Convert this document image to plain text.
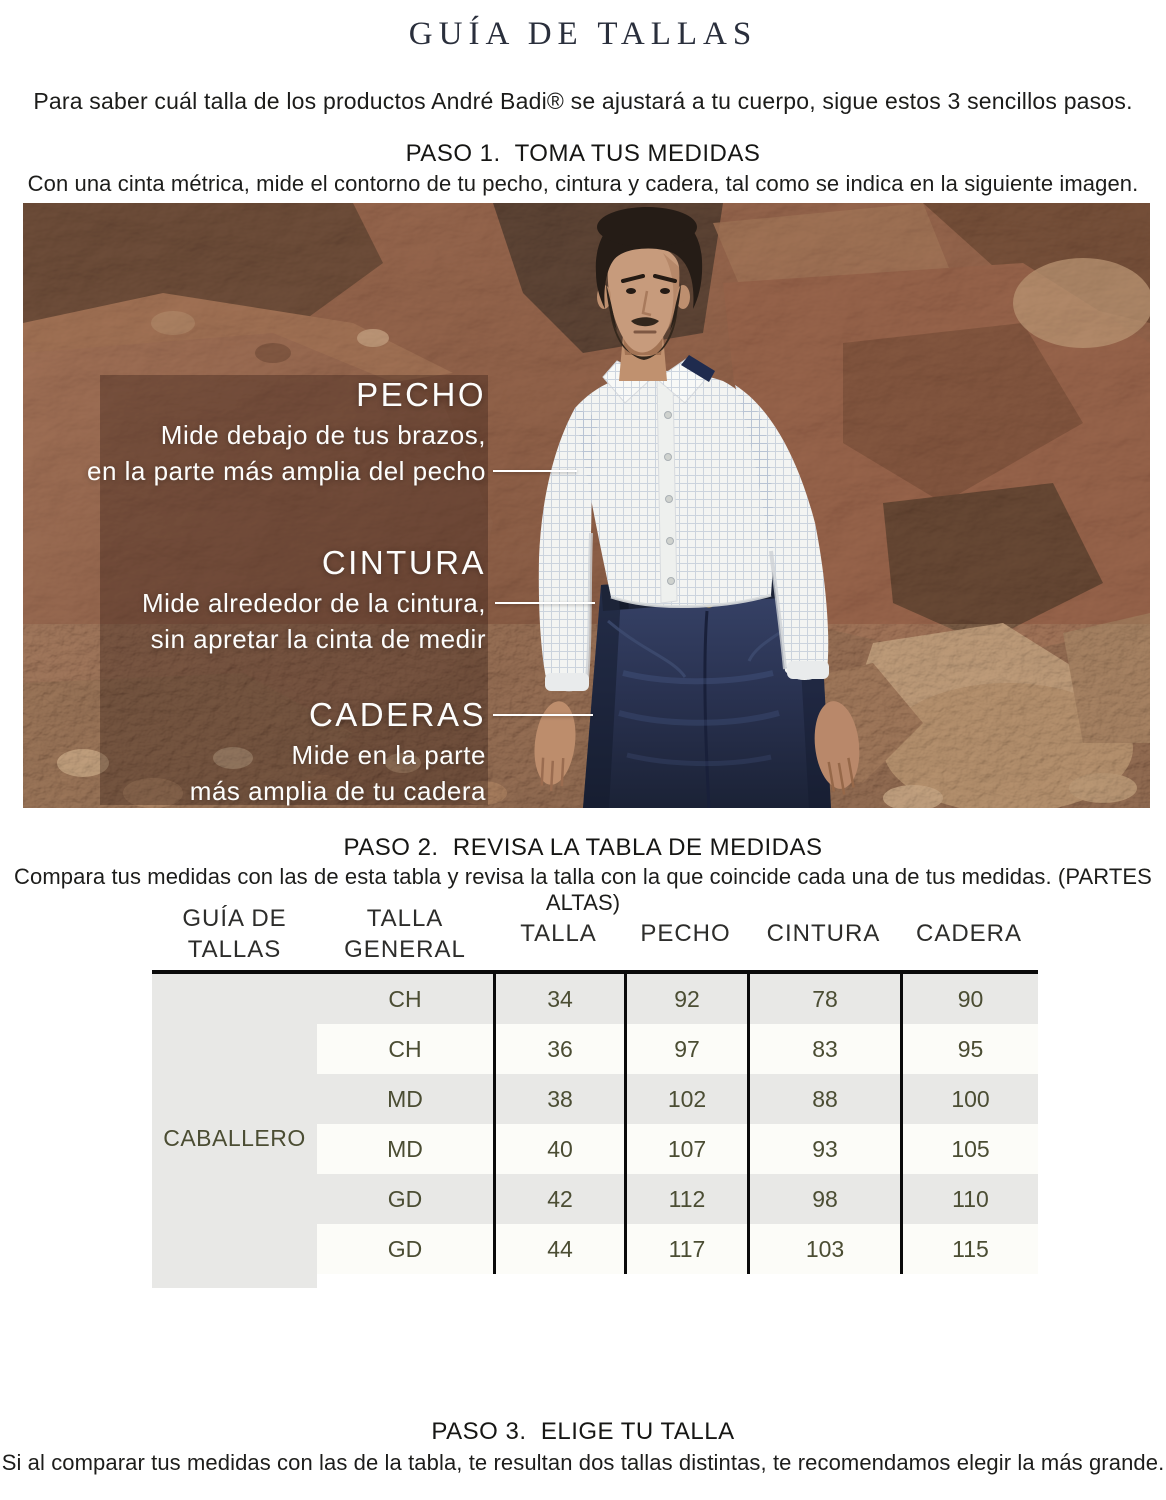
GUÍA DE TALLAS
Para saber cuál talla de los productos André Badi® se ajustará a tu cuerpo, sigue estos 3 sencillos pasos.
PASO 1.  TOMA TUS MEDIDAS
Con una cinta métrica, mide el contorno de tu pecho, cintura y cadera, tal como se indica en la siguiente imagen.
PECHO
Mide debajo de tus brazos,
en la parte más amplia del pecho
CINTURA
Mide alrededor de la cintura,
sin apretar la cinta de medir
CADERAS
Mide en la parte
más amplia de tu cadera
PASO 2.  REVISA LA TABLA DE MEDIDAS
Compara tus medidas con las de esta tabla y revisa la talla con la que coincide cada una de tus medidas. (PARTES ALTAS)
GUÍA DE
TALLAS
TALLA
GENERAL
TALLA	PECHO	CINTURA	CADERA
CABALLERO
CH	34	92	78	90
CH	36	97	83	95
MD	38	102	88	100
MD	40	107	93	105
GD	42	112	98	110
GD	44	117	103	115
PASO 3.  ELIGE TU TALLA
Si al comparar tus medidas con las de la tabla, te resultan dos tallas distintas, te recomendamos elegir la más grande.
